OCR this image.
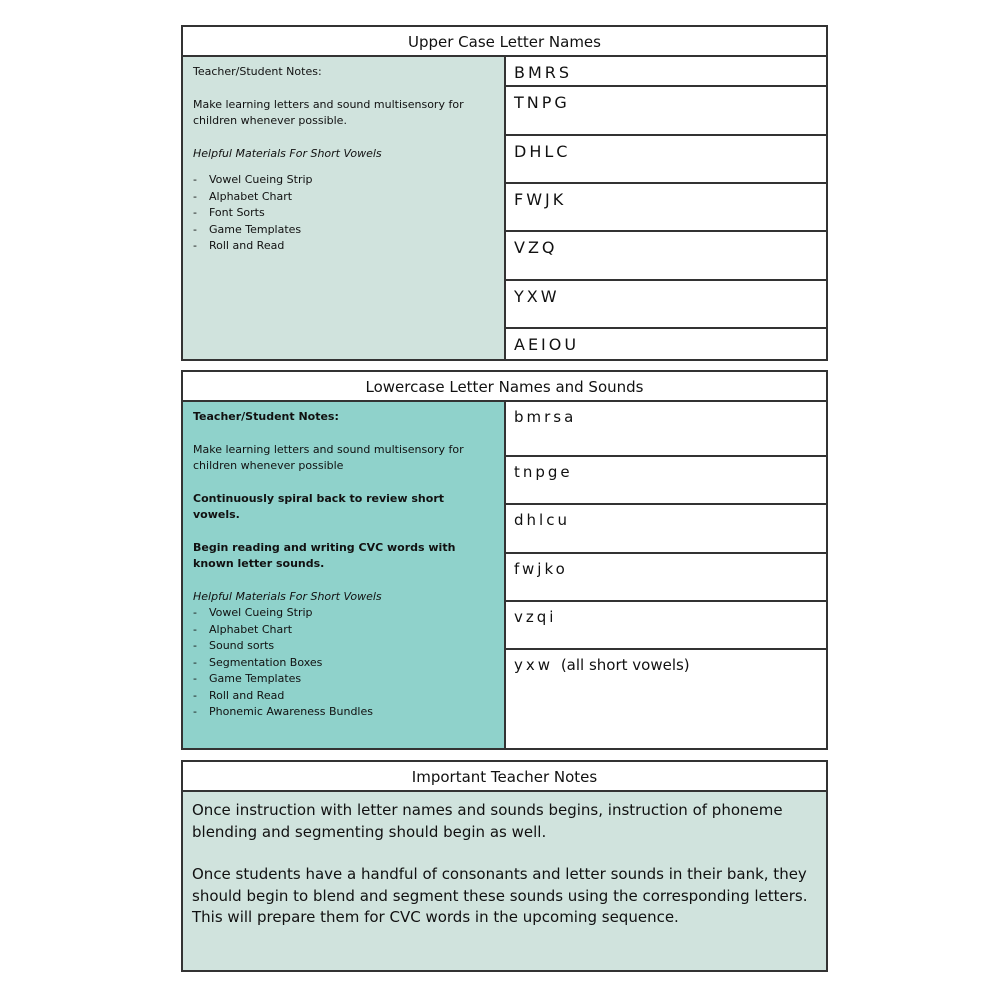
Upper Case Letter Names

Teacher/Student Notes:

Make learning letters and sound multisensory for children whenever possible.

Helpful Materials For Short Vowels

- Vowel Cueing Strip
- Alphabet Chart
- Font Sorts
- Game Templates
- Roll and Read
BMRS
TNPG
DHLC
FWJK
VZQ
YXW
AEIOU
Lowercase Letter Names and Sounds

Teacher/Student Notes:

Make learning letters and sound multisensory for children whenever possible

Continuously spiral back to review short vowels.

Begin reading and writing CVC words with known letter sounds.

Helpful Materials For Short Vowels

- Vowel Cueing Strip
- Alphabet Chart
- Sound sorts
- Segmentation Boxes
- Game Templates
- Roll and Read
- Phonemic Awareness Bundles
bmrsa
tnpge
dhlcu
fwjko
vzqi
yxw (all short vowels)
Important Teacher Notes

Once instruction with letter names and sounds begins, instruction of phoneme blending and segmenting should begin as well.

Once students have a handful of consonants and letter sounds in their bank, they should begin to blend and segment these sounds using the corresponding letters. This will prepare them for CVC words in the upcoming sequence.
